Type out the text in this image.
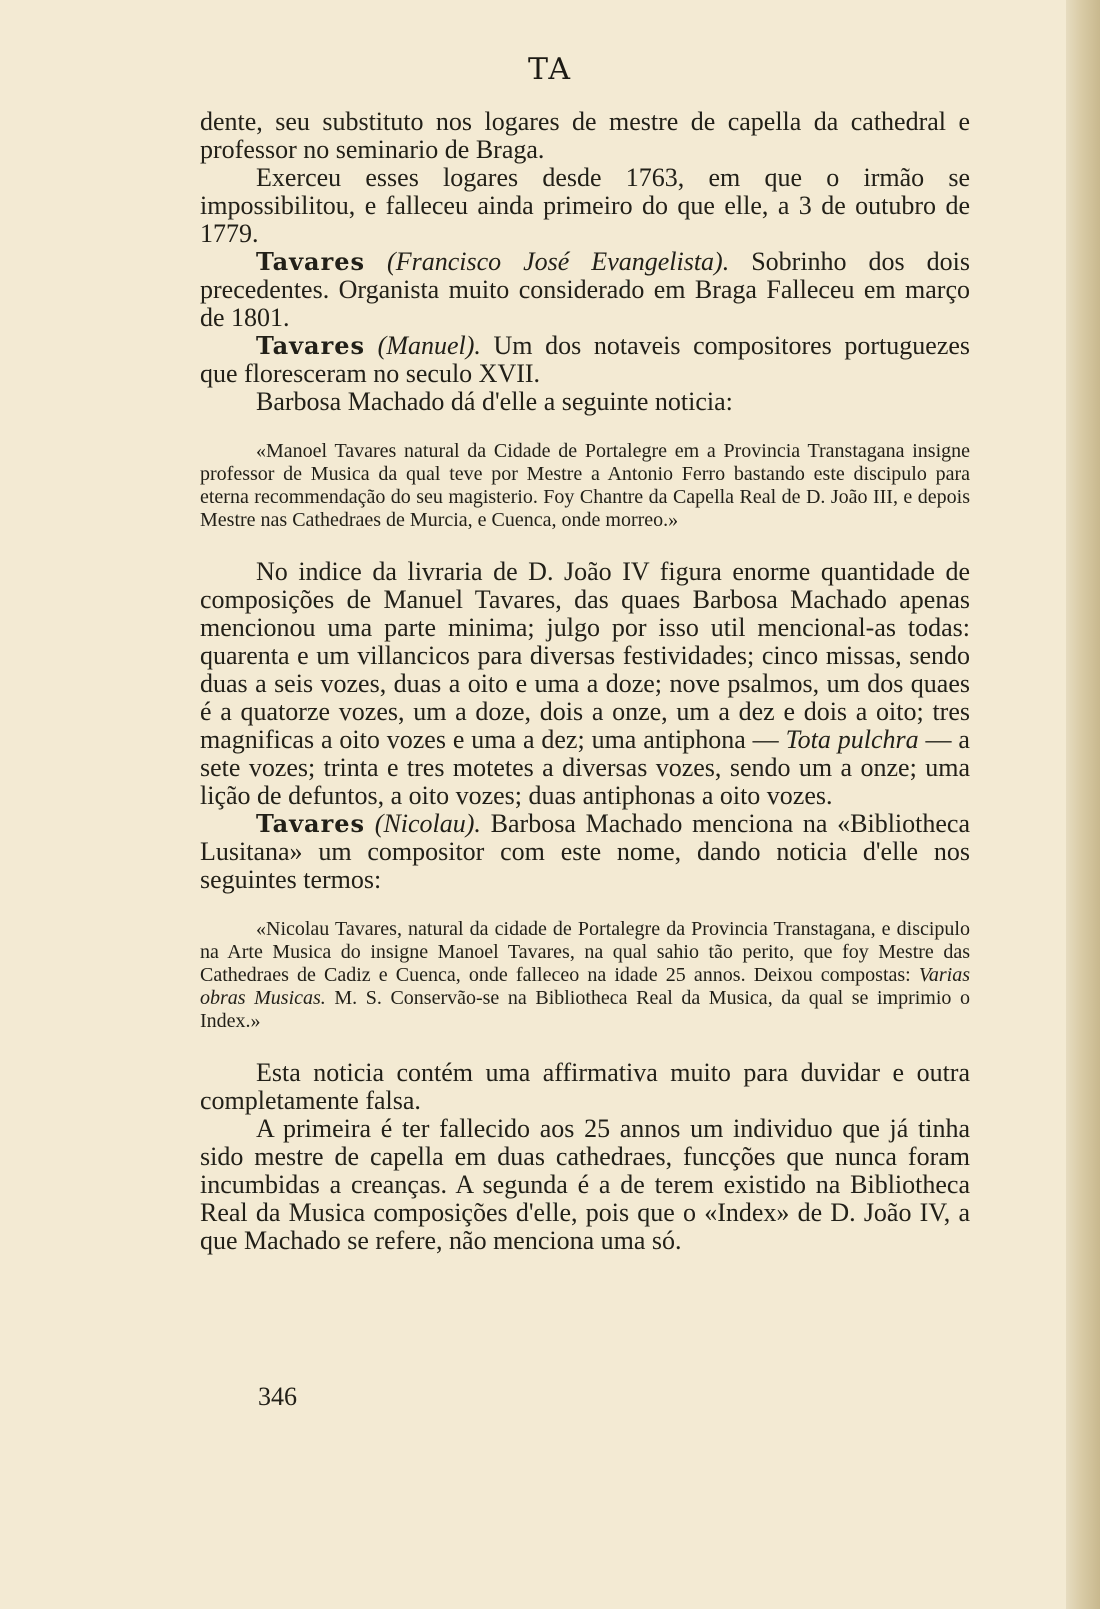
TA

dente, seu substituto nos logares de mestre de capella da cathedral e professor no seminario de Braga.

Exerceu esses logares desde 1763, em que o irmão se impossibilitou, e falleceu ainda primeiro do que elle, a 3 de outubro de 1779.

Tavares (Francisco José Evangelista). Sobrinho dos dois precedentes. Organista muito considerado em Braga Falleceu em março de 1801.

Tavares (Manuel). Um dos notaveis compositores portuguezes que floresceram no seculo XVII.

Barbosa Machado dá d'elle a seguinte noticia:

«Manoel Tavares natural da Cidade de Portalegre em a Provincia Transtagana insigne professor de Musica da qual teve por Mestre a Antonio Ferro bastando este discipulo para eterna recommendação do seu magisterio. Foy Chantre da Capella Real de D. João III, e depois Mestre nas Cathedraes de Murcia, e Cuenca, onde morreo.»

No indice da livraria de D. João IV figura enorme quantidade de composições de Manuel Tavares, das quaes Barbosa Machado apenas mencionou uma parte minima; julgo por isso util mencional-as todas: quarenta e um villancicos para diversas festividades; cinco missas, sendo duas a seis vozes, duas a oito e uma a doze; nove psalmos, um dos quaes é a quatorze vozes, um a doze, dois a onze, um a dez e dois a oito; tres magnificas a oito vozes e uma a dez; uma antiphona — Tota pulchra — a sete vozes; trinta e tres motetes a diversas vozes, sendo um a onze; uma lição de defuntos, a oito vozes; duas antiphonas a oito vozes.

Tavares (Nicolau). Barbosa Machado menciona na «Bibliotheca Lusitana» um compositor com este nome, dando noticia d'elle nos seguintes termos:

«Nicolau Tavares, natural da cidade de Portalegre da Provincia Transtagana, e discipulo na Arte Musica do insigne Manoel Tavares, na qual sahio tão perito, que foy Mestre das Cathedraes de Cadiz e Cuenca, onde falleceo na idade 25 annos. Deixou compostas: Varias obras Musicas. M. S. Conservão-se na Bibliotheca Real da Musica, da qual se imprimio o Index.»

Esta noticia contém uma affirmativa muito para duvidar e outra completamente falsa.

A primeira é ter fallecido aos 25 annos um individuo que já tinha sido mestre de capella em duas cathedraes, funcções que nunca foram incumbidas a creanças. A segunda é a de terem existido na Bibliotheca Real da Musica composições d'elle, pois que o «Index» de D. João IV, a que Machado se refere, não menciona uma só.

346
